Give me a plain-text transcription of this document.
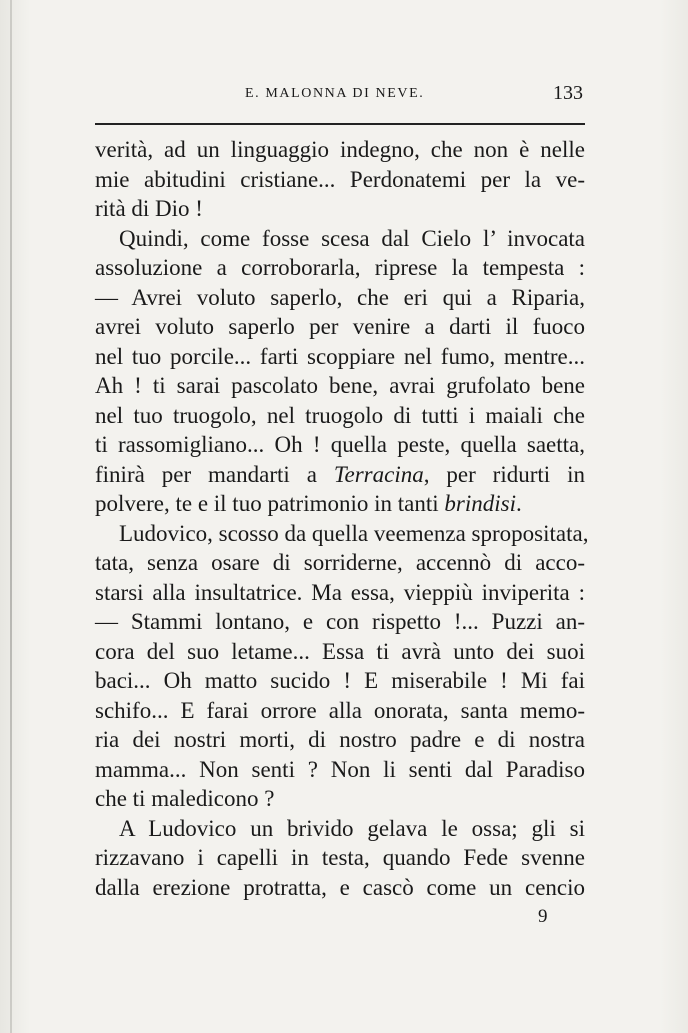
E. MALONNA DI NEVE.	133
verità, ad un linguaggio indegno, che non è nelle
mie abitudini cristiane... Perdonatemi per la ve-
rità di Dio !
Quindi, come fosse scesa dal Cielo l’ invocata
assoluzione a corroborarla, riprese la tempesta :
— Avrei voluto saperlo, che eri qui a Riparia,
avrei voluto saperlo per venire a darti il fuoco
nel tuo porcile... farti scoppiare nel fumo, mentre...
Ah ! ti sarai pascolato bene, avrai grufolato bene
nel tuo truogolo, nel truogolo di tutti i maiali che
ti rassomigliano... Oh ! quella peste, quella saetta,
finirà per mandarti a Terracina, per ridurti in
polvere, te e il tuo patrimonio in tanti brindisi.
Ludovico, scosso da quella veemenza spropositata,
tata, senza osare di sorriderne, accennò di acco-
starsi alla insultatrice. Ma essa, vieppiù inviperita :
— Stammi lontano, e con rispetto !... Puzzi an-
cora del suo letame... Essa ti avrà unto dei suoi
baci... Oh matto sucido ! E miserabile ! Mi fai
schifo... E farai orrore alla onorata, santa memo-
ria dei nostri morti, di nostro padre e di nostra
mamma... Non senti ? Non li senti dal Paradiso
che ti maledicono ?
A Ludovico un brivido gelava le ossa; gli si
rizzavano i capelli in testa, quando Fede svenne
dalla erezione protratta, e cascò come un cencio
9
